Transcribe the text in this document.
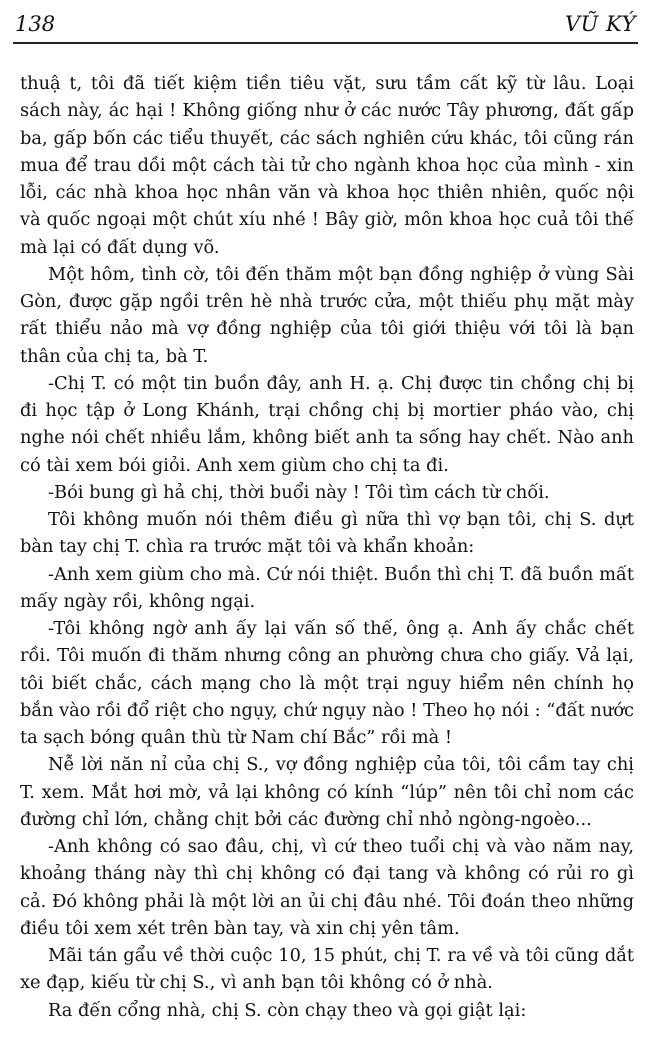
138	VŨ KÝ

thuậ t, tôi đã tiết kiệm tiền tiêu vặt, sưu tầm cất kỹ từ lâu. Loại sách này, ác hại ! Không giống như ở các nước Tây phương, đất gấp ba, gấp bốn các tiểu thuyết, các sách nghiên cứu khác, tôi cũng rán mua để trau dồi một cách tài tử cho ngành khoa học của mình - xin lỗi, các nhà khoa học nhân văn và khoa học thiên nhiên, quốc nội và quốc ngoại một chút xíu nhé ! Bây giờ, môn khoa học cuả tôi thế mà lại có đất dụng võ.

Một hôm, tình cờ, tôi đến thăm một bạn đồng nghiệp ở vùng Sài Gòn, được gặp ngồi trên hè nhà trước cửa, một thiếu phụ mặt mày rất thiểu nảo mà vợ đồng nghiệp của tôi giới thiệu với tôi là bạn thân của chị ta, bà T.

-Chị T. có một tin buồn đây, anh H. ạ. Chị được tin chồng chị bị đi học tập ở Long Khánh, trại chồng chị bị mortier pháo vào, chị nghe nói chết nhiều lắm, không biết anh ta sống hay chết. Nào anh có tài xem bói giỏi. Anh xem giùm cho chị ta đi.

-Bói bung gì hả chị, thời buổi này ! Tôi tìm cách từ chối.

Tôi không muốn nói thêm điều gì nữa thì vợ bạn tôi, chị S. dựt bàn tay chị T. chìa ra trước mặt tôi và khẩn khoản:

-Anh xem giùm cho mà. Cứ nói thiệt. Buồn thì chị T. đã buồn mất mấy ngày rồi, không ngại.

-Tôi không ngờ anh ấy lại vấn số thế, ông ạ. Anh ấy chắc chết rồi. Tôi muốn đi thăm nhưng công an phường chưa cho giấy. Vả lại, tôi biết chắc, cách mạng cho là một trại nguy hiểm nên chính họ bắn vào rồi đổ riệt cho ngụy, chứ ngụy nào ! Theo họ nói : “đất nước ta sạch bóng quân thù từ Nam chí Bắc” rồi mà !

Nễ lời năn nỉ của chị S., vợ đồng nghiệp của tôi, tôi cầm tay chị T. xem. Mắt hơi mờ, vả lại không có kính “lúp” nên tôi chỉ nom các đường chỉ lớn, chằng chịt bởi các đường chỉ nhỏ ngòng-ngoèo...

-Anh không có sao đâu, chị, vì cứ theo tuổi chị và vào năm nay, khoảng tháng này thì chị không có đại tang và không có rủi ro gì cả. Đó không phải là một lời an ủi chị đâu nhé. Tôi đoán theo những điều tôi xem xét trên bàn tay, và xin chị yên tâm.

Mãi tán gẩu về thời cuộc 10, 15 phút, chị T. ra về và tôi cũng dắt xe đạp, kiếu từ chị S., vì anh bạn tôi không có ở nhà.

Ra đến cổng nhà, chị S. còn chạy theo và gọi giật lại:
